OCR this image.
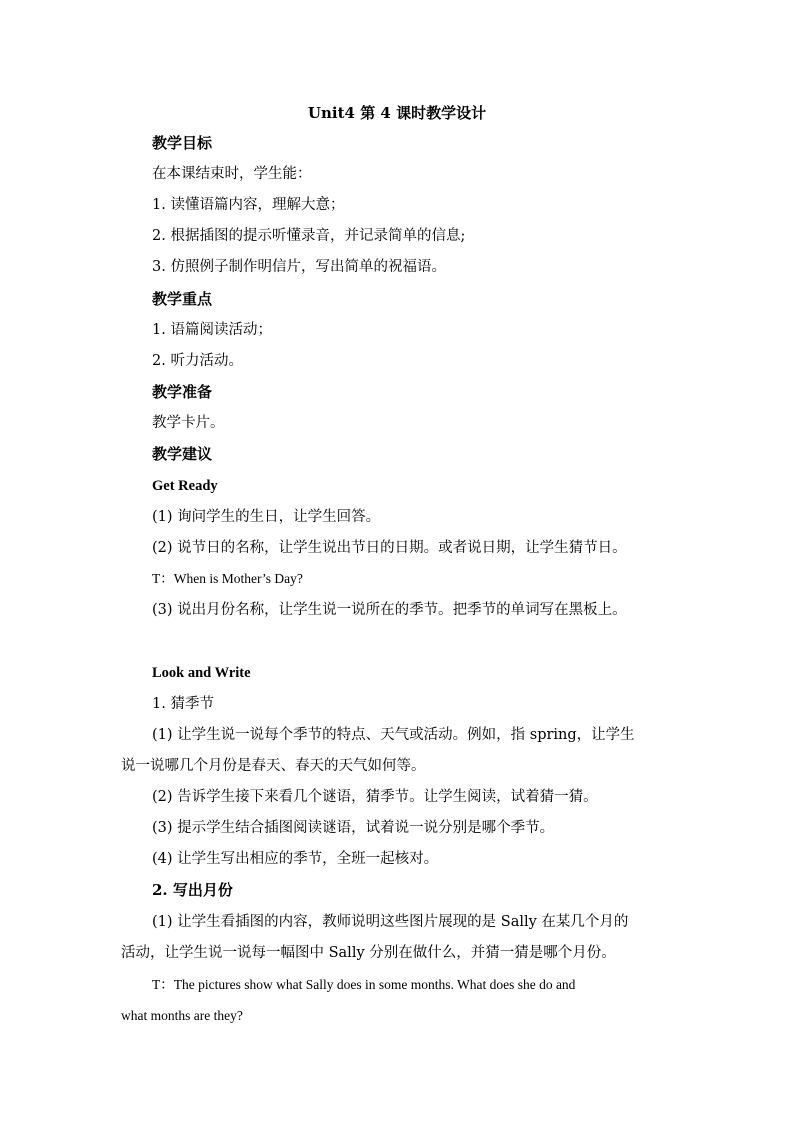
Unit4 第 4 课时教学设计
教学目标
在本课结束时，学生能：
1. 读懂语篇内容，理解大意；
2. 根据插图的提示听懂录音，并记录简单的信息;
3. 仿照例子制作明信片，写出简单的祝福语。
教学重点
1. 语篇阅读活动；
2. 听力活动。
教学准备
教学卡片。
教学建议
Get Ready
(1) 询问学生的生日，让学生回答。
(2) 说节日的名称，让学生说出节日的日期。或者说日期，让学生猜节日。
T：When is Mother’s Day?
(3) 说出月份名称，让学生说一说所在的季节。把季节的单词写在黑板上。
Look and Write
1. 猜季节
(1) 让学生说一说每个季节的特点、天气或活动。例如，指 spring，让学生
说一说哪几个月份是春天、春天的天气如何等。
(2) 告诉学生接下来看几个谜语，猜季节。让学生阅读，试着猜一猜。
(3) 提示学生结合插图阅读谜语，试着说一说分别是哪个季节。
(4) 让学生写出相应的季节，全班一起核对。
2. 写出月份
(1) 让学生看插图的内容，教师说明这些图片展现的是 Sally 在某几个月的
活动，让学生说一说每一幅图中 Sally 分别在做什么，并猜一猜是哪个月份。
T：The pictures show what Sally does in some months. What does she do and
what months are they?
